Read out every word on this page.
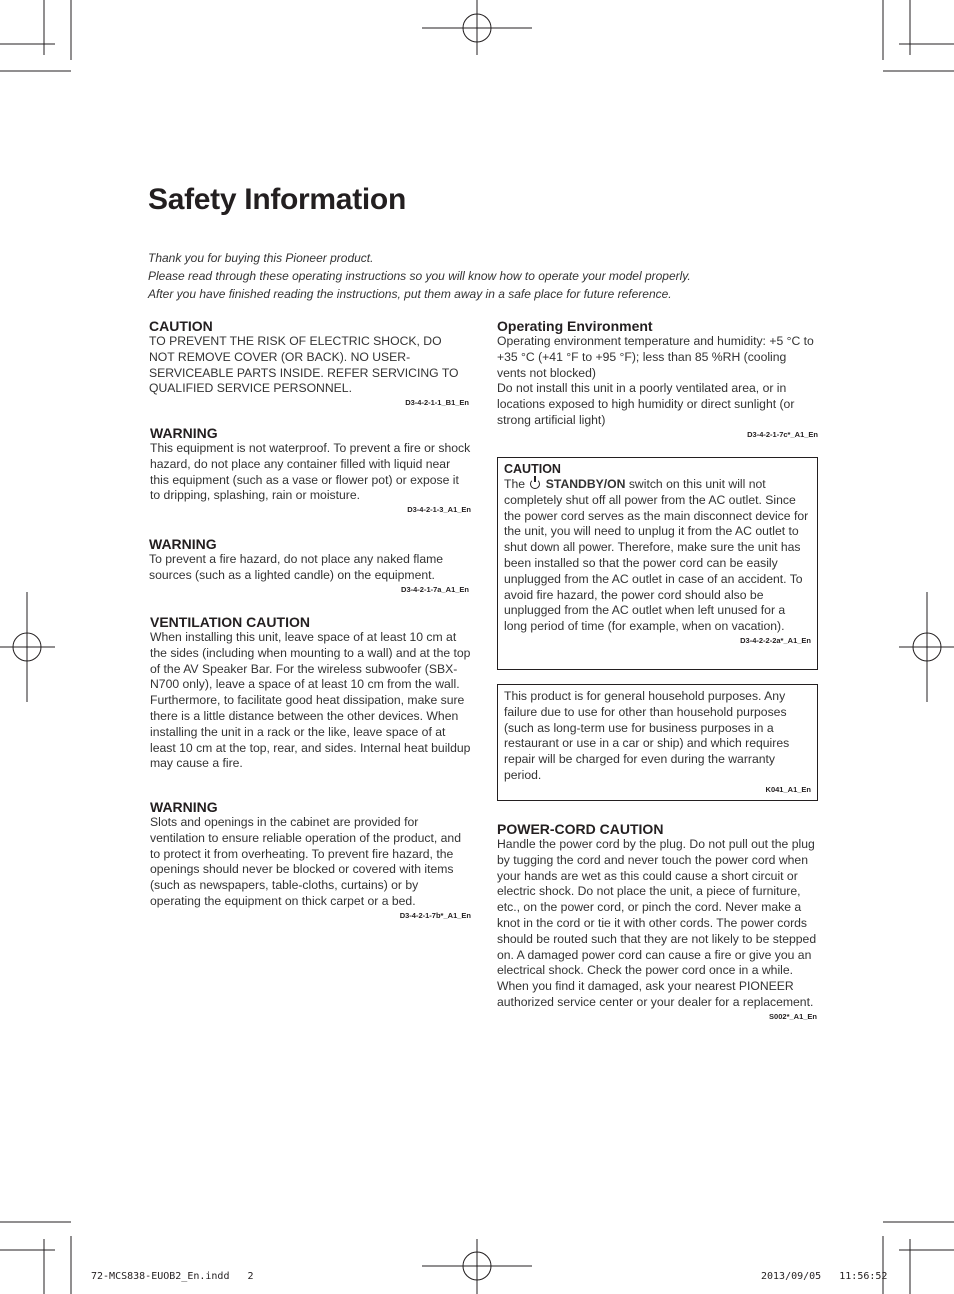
Safety Information
Thank you for buying this Pioneer product.
Please read through these operating instructions so you will know how to operate your model properly.
After you have finished reading the instructions, put them away in a safe place for future reference.
CAUTION

TO PREVENT THE RISK OF ELECTRIC SHOCK, DO NOT REMOVE COVER (OR BACK). NO USER-SERVICEABLE PARTS INSIDE. REFER SERVICING TO QUALIFIED SERVICE PERSONNEL.

D3-4-2-1-1_B1_En
WARNING

This equipment is not waterproof. To prevent a fire or shock hazard, do not place any container filled with liquid near this equipment (such as a vase or flower pot) or expose it to dripping, splashing, rain or moisture.

D3-4-2-1-3_A1_En
WARNING

To prevent a fire hazard, do not place any naked flame sources (such as a lighted candle) on the equipment.

D3-4-2-1-7a_A1_En
VENTILATION CAUTION

When installing this unit, leave space of at least 10 cm at the sides (including when mounting to a wall) and at the top of the AV Speaker Bar. For the wireless subwoofer (SBX-N700 only), leave a space of at least 10 cm from the wall.

Furthermore, to facilitate good heat dissipation, make sure there is a little distance between the other devices. When installing the unit in a rack or the like, leave space of at least 10 cm at the top, rear, and sides. Internal heat buildup may cause a fire.

WARNING

Slots and openings in the cabinet are provided for ventilation to ensure reliable operation of the product, and to protect it from overheating. To prevent fire hazard, the openings should never be blocked or covered with items (such as newspapers, table-cloths, curtains) or by operating the equipment on thick carpet or a bed.

D3-4-2-1-7b*_A1_En
Operating Environment

Operating environment temperature and humidity: +5 °C to +35 °C (+41 °F to +95 °F); less than 85 %RH (cooling vents not blocked)

Do not install this unit in a poorly ventilated area, or in locations exposed to high humidity or direct sunlight (or strong artificial light)

D3-4-2-1-7c*_A1_En
CAUTION

The  STANDBY/ON switch on this unit will not completely shut off all power from the AC outlet. Since the power cord serves as the main disconnect device for the unit, you will need to unplug it from the AC outlet to shut down all power. Therefore, make sure the unit has been installed so that the power cord can be easily unplugged from the AC outlet in case of an accident. To avoid fire hazard, the power cord should also be unplugged from the AC outlet when left unused for a long period of time (for example, when on vacation).

D3-4-2-2-2a*_A1_En

This product is for general household purposes. Any failure due to use for other than household purposes (such as long-term use for business purposes in a restaurant or use in a car or ship) and which requires repair will be charged for even during the warranty period.

K041_A1_En
POWER-CORD CAUTION

Handle the power cord by the plug. Do not pull out the plug by tugging the cord and never touch the power cord when your hands are wet as this could cause a short circuit or electric shock. Do not place the unit, a piece of furniture, etc., on the power cord, or pinch the cord. Never make a knot in the cord or tie it with other cords. The power cords should be routed such that they are not likely to be stepped on. A damaged power cord can cause a fire or give you an electrical shock. Check the power cord once in a while. When you find it damaged, ask your nearest PIONEER authorized service center or your dealer for a replacement.

S002*_A1_En
72-MCS838-EUOB2_En.indd   2	2013/09/05   11:56:52
